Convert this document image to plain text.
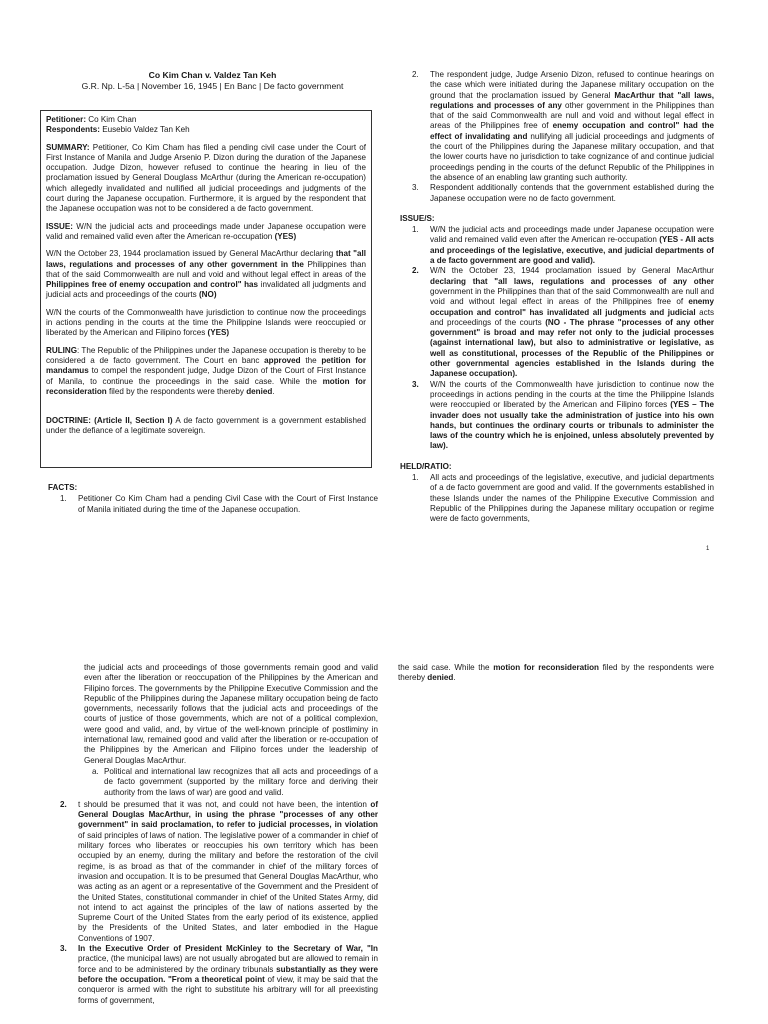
Co Kim Chan v. Valdez Tan Keh
G.R. Np. L-5a | November 16, 1945 | En Banc | De facto government

Petitioner: Co Kim Chan

Respondents: Eusebio Valdez Tan Keh

SUMMARY: Petitioner, Co Kim Cham has filed a pending civil case under the Court of First Instance of Manila and Judge Arsenio P. Dizon during the duration of the Japanese occupation. Judge Dizon, however refused to continue the hearing in lieu of the proclamation issued by General Douglass McArthur (during the American re-occupation) which allegedly invalidated and nullified all judicial proceedings and judgments of the court during the Japanese occupation. Furthermore, it is argued by the respondent that the Japanese occupation was not to be considered a de facto government.

ISSUE: W/N the judicial acts and proceedings made under Japanese occupation were valid and remained valid even after the American re-occupation (YES)

W/N the October 23, 1944 proclamation issued by General MacArthur declaring that "all laws, regulations and processes of any other government in the Philippines than that of the said Commonwealth are null and void and without legal effect in areas of the Philippines free of enemy occupation and control" has invalidated all judgments and judicial acts and proceedings of the courts (NO)

W/N the courts of the Commonwealth have jurisdiction to continue now the proceedings in actions pending in the courts at the time the Philippine Islands were reoccupied or liberated by the American and Filipino forces (YES)

RULING: The Republic of the Philippines under the Japanese occupation is thereby to be considered a de facto government. The Court en banc approved the petition for mandamus to compel the respondent judge, Judge Dizon of the Court of First Instance of Manila, to continue the proceedings in the said case. While the motion for reconsideration filed by the respondents were thereby denied.

DOCTRINE: (Article II, Section I) A de facto government is a government established under the defiance of a legitimate sovereign.

FACTS:
1. Petitioner Co Kim Cham had a pending Civil Case with the Court of First Instance of Manila initiated during the time of the Japanese occupation.
2. The respondent judge, Judge Arsenio Dizon, refused to continue hearings on the case which were initiated during the Japanese military occupation on the ground that the proclamation issued by General MacArthur that "all laws, regulations and processes of any other government in the Philippines than that of the said Commonwealth are null and void and without legal effect in areas of the Philippines free of enemy occupation and control" had the effect of invalidating and nullifying all judicial proceedings and judgments of the court of the Philippines during the Japanese military occupation, and that the lower courts have no jurisdiction to take cognizance of and continue judicial proceedings pending in the courts of the defunct Republic of the Philippines in the absence of an enabling law granting such authority.
3. Respondent additionally contends that the government established during the Japanese occupation were no de facto government.
ISSUE/S:
1. W/N the judicial acts and proceedings made under Japanese occupation were valid and remained valid even after the American re-occupation (YES - All acts and proceedings of the legislative, executive, and judicial departments of a de facto government are good and valid).
2. W/N the October 23, 1944 proclamation issued by General MacArthur declaring that "all laws, regulations and processes of any other government in the Philippines than that of the said Commonwealth are null and void and without legal effect in areas of the Philippines free of enemy occupation and control" has invalidated all judgments and judicial acts and proceedings of the courts (NO - The phrase "processes of any other government" is broad and may refer not only to the judicial processes (against international law), but also to administrative or legislative, as well as constitutional, processes of the Republic of the Philippines or other governmental agencies established in the Islands during the Japanese occupation).
3. W/N the courts of the Commonwealth have jurisdiction to continue now the proceedings in actions pending in the courts at the time the Philippine Islands were reoccupied or liberated by the American and Filipino forces (YES – The invader does not usually take the administration of justice into his own hands, but continues the ordinary courts or tribunals to administer the laws of the country which he is enjoined, unless absolutely prevented by law).
HELD/RATIO:
1. All acts and proceedings of the legislative, executive, and judicial departments of a de facto government are good and valid. If the governments established in these Islands under the names of the Philippine Executive Commission and Republic of the Philippines during the Japanese military occupation or regime were de facto governments,
1
the judicial acts and proceedings of those governments remain good and valid even after the liberation or reoccupation of the Philippines by the American and Filipino forces. The governments by the Philippine Executive Commission and the Republic of the Philippines during the Japanese military occupation being de facto governments, necessarily follows that the judicial acts and proceedings of the courts of justice of those governments, which are not of a political complexion, were good and valid, and, by virtue of the well-known principle of postliminy in international law, remained good and valid after the liberation or re-occupation of the Philippines by the American and Filipino forces under the leadership of General Douglas MacArthur.
a. Political and international law recognizes that all acts and proceedings of a de facto government (supported by the military force and deriving their authority from the laws of war) are good and valid.
2. t should be presumed that it was not, and could not have been, the intention of General Douglas MacArthur, in using the phrase "processes of any other government" in said proclamation, to refer to judicial processes, in violation of said principles of laws of nation. The legislative power of a commander in chief of military forces who liberates or reoccupies his own territory which has been occupied by an enemy, during the military and before the restoration of the civil regime, is as broad as that of the commander in chief of the military forces of invasion and occupation. It is to be presumed that General Douglas MacArthur, who was acting as an agent or a representative of the Government and the President of the United States, constitutional commander in chief of the United States Army, did not intend to act against the principles of the law of nations asserted by the Supreme Court of the United States from the early period of its existence, applied by the Presidents of the United States, and later embodied in the Hague Conventions of 1907.
3. In the Executive Order of President McKinley to the Secretary of War, "In practice, (the municipal laws) are not usually abrogated but are allowed to remain in force and to be administered by the ordinary tribunals substantially as they were before the occupation. "From a theoretical point of view, it may be said that the conqueror is armed with the right to substitute his arbitrary will for all preexisting forms of government,
the said case. While the motion for reconsideration filed by the respondents were thereby denied.
